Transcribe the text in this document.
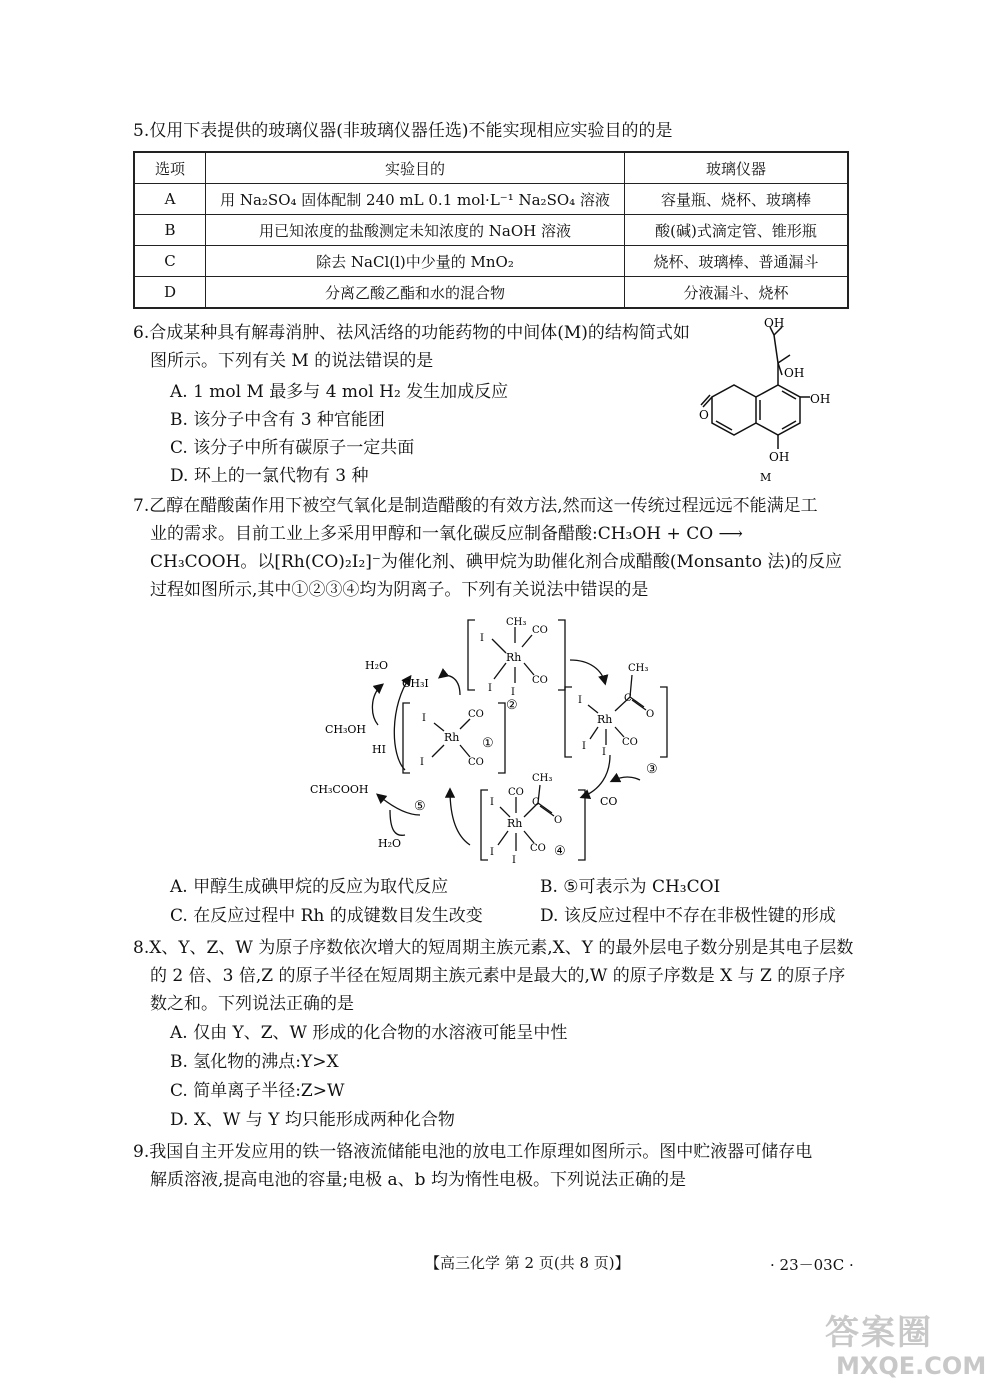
5.仅用下表提供的玻璃仪器(非玻璃仪器任选)不能实现相应实验目的的是
选项	实验目的	玻璃仪器
A	用 Na₂SO₄ 固体配制 240 mL 0.1 mol·L⁻¹ Na₂SO₄ 溶液	容量瓶、烧杯、玻璃棒
B	用已知浓度的盐酸测定未知浓度的 NaOH 溶液	酸(碱)式滴定管、锥形瓶
C	除去 NaCl(l)中少量的 MnO₂	烧杯、玻璃棒、普通漏斗
D	分离乙酸乙酯和水的混合物	分液漏斗、烧杯
6.合成某种具有解毒消肿、祛风活络的功能药物的中间体(M)的结构简式如
图所示。下列有关 M 的说法错误的是
A. 1 mol M 最多与 4 mol H₂ 发生加成反应
B. 该分子中含有 3 种官能团
C. 该分子中所有碳原子一定共面
D. 环上的一氯代物有 3 种
OH
OH
OH
OH
O
M
7.乙醇在醋酸菌作用下被空气氧化是制造醋酸的有效方法,然而这一传统过程远远不能满足工
业的需求。目前工业上多采用甲醇和一氧化碳反应制备醋酸:CH₃OH + CO ⟶
CH₃COOH。以[Rh(CO)₂I₂]⁻为催化剂、碘甲烷为助催化剂合成醋酸(Monsanto 法)的反应
过程如图所示,其中①②③④均为阴离子。下列有关说法中错误的是
H₂O
CH₃I
CH₃OH
HI
CH₃COOH
H₂O
CO
⑤
CH₃
I
CO
Rh
I I
CO
②
I	CO
Rh
I	CO
①
CH₃
I	C
O
Rh
I
I
CO
③
CO
CH₃
I	C
O
Rh
I
I
CO ④
A. 甲醇生成碘甲烷的反应为取代反应	B. ⑤可表示为 CH₃COI
C. 在反应过程中 Rh 的成键数目发生改变	D. 该反应过程中不存在非极性键的形成
8.X、Y、Z、W 为原子序数依次增大的短周期主族元素,X、Y 的最外层电子数分别是其电子层数
的 2 倍、3 倍,Z 的原子半径在短周期主族元素中是最大的,W 的原子序数是 X 与 Z 的原子序
数之和。下列说法正确的是
A. 仅由 Y、Z、W 形成的化合物的水溶液可能呈中性
B. 氢化物的沸点:Y>X
C. 简单离子半径:Z>W
D. X、W 与 Y 均只能形成两种化合物
9.我国自主开发应用的铁一铬液流储能电池的放电工作原理如图所示。图中贮液器可储存电
解质溶液,提高电池的容量;电极 a、b 均为惰性电极。下列说法正确的是
【高三化学 第 2 页(共 8 页)】	· 23－03C ·
答案圈
MXQE.COM
